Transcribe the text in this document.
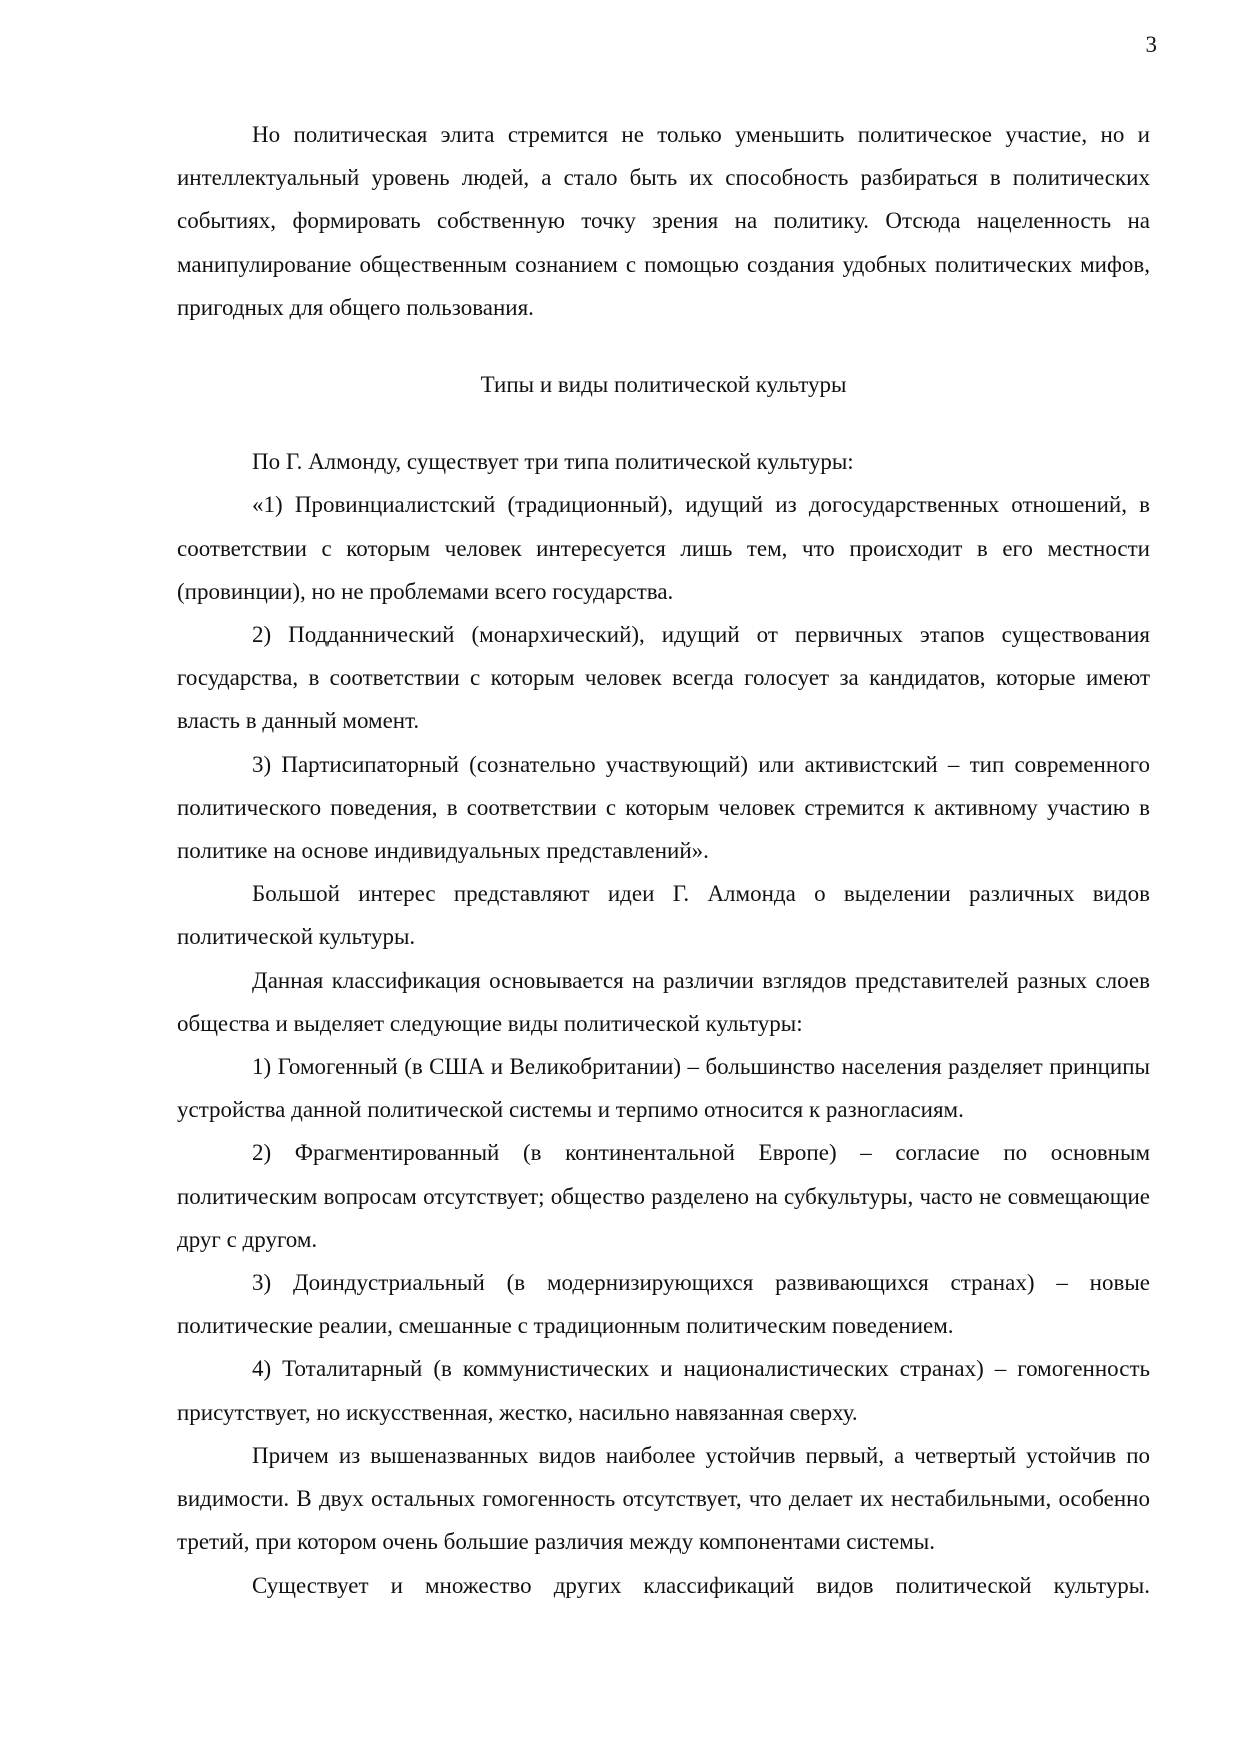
3

Но политическая элита стремится не только уменьшить политическое участие, но и интеллектуальный уровень людей, а стало быть их способность разбираться в политических событиях, формировать собственную точку зрения на политику. Отсюда нацеленность на манипулирование общественным сознанием с помощью создания удобных политических мифов, пригодных для общего пользования.

Типы и виды политической культуры

По Г. Алмонду, существует три типа политической культуры:

«1) Провинциалистский (традиционный), идущий из догосударственных отношений, в соответствии с которым человек интересуется лишь тем, что происходит в его местности (провинции), но не проблемами всего государства.

2) Подданнический (монархический), идущий от первичных этапов существования государства, в соответствии с которым человек всегда голосует за кандидатов, которые имеют власть в данный момент.

3) Партисипаторный (сознательно участвующий) или активистский – тип современного политического поведения, в соответствии с которым человек стремится к активному участию в политике на основе индивидуальных представлений».

Большой интерес представляют идеи Г. Алмонда о выделении различных видов политической культуры.

Данная классификация основывается на различии взглядов представителей разных слоев общества и выделяет следующие виды политической культуры:

1) Гомогенный (в США и Великобритании) – большинство населения разделяет принципы устройства данной политической системы и терпимо относится к разногласиям.

2) Фрагментированный (в континентальной Европе) – согласие по основным политическим вопросам отсутствует; общество разделено на субкультуры, часто не совмещающие друг с другом.

3) Доиндустриальный (в модернизирующихся развивающихся странах) – новые политические реалии, смешанные с традиционным политическим поведением.

4) Тоталитарный (в коммунистических и националистических странах) – гомогенность присутствует, но искусственная, жестко, насильно навязанная сверху.

Причем из вышеназванных видов наиболее устойчив первый, а четвертый устойчив по видимости. В двух остальных гомогенность отсутствует, что делает их нестабильными, особенно третий, при котором очень большие различия между компонентами системы.

Существует и множество других классификаций видов политической культуры.
